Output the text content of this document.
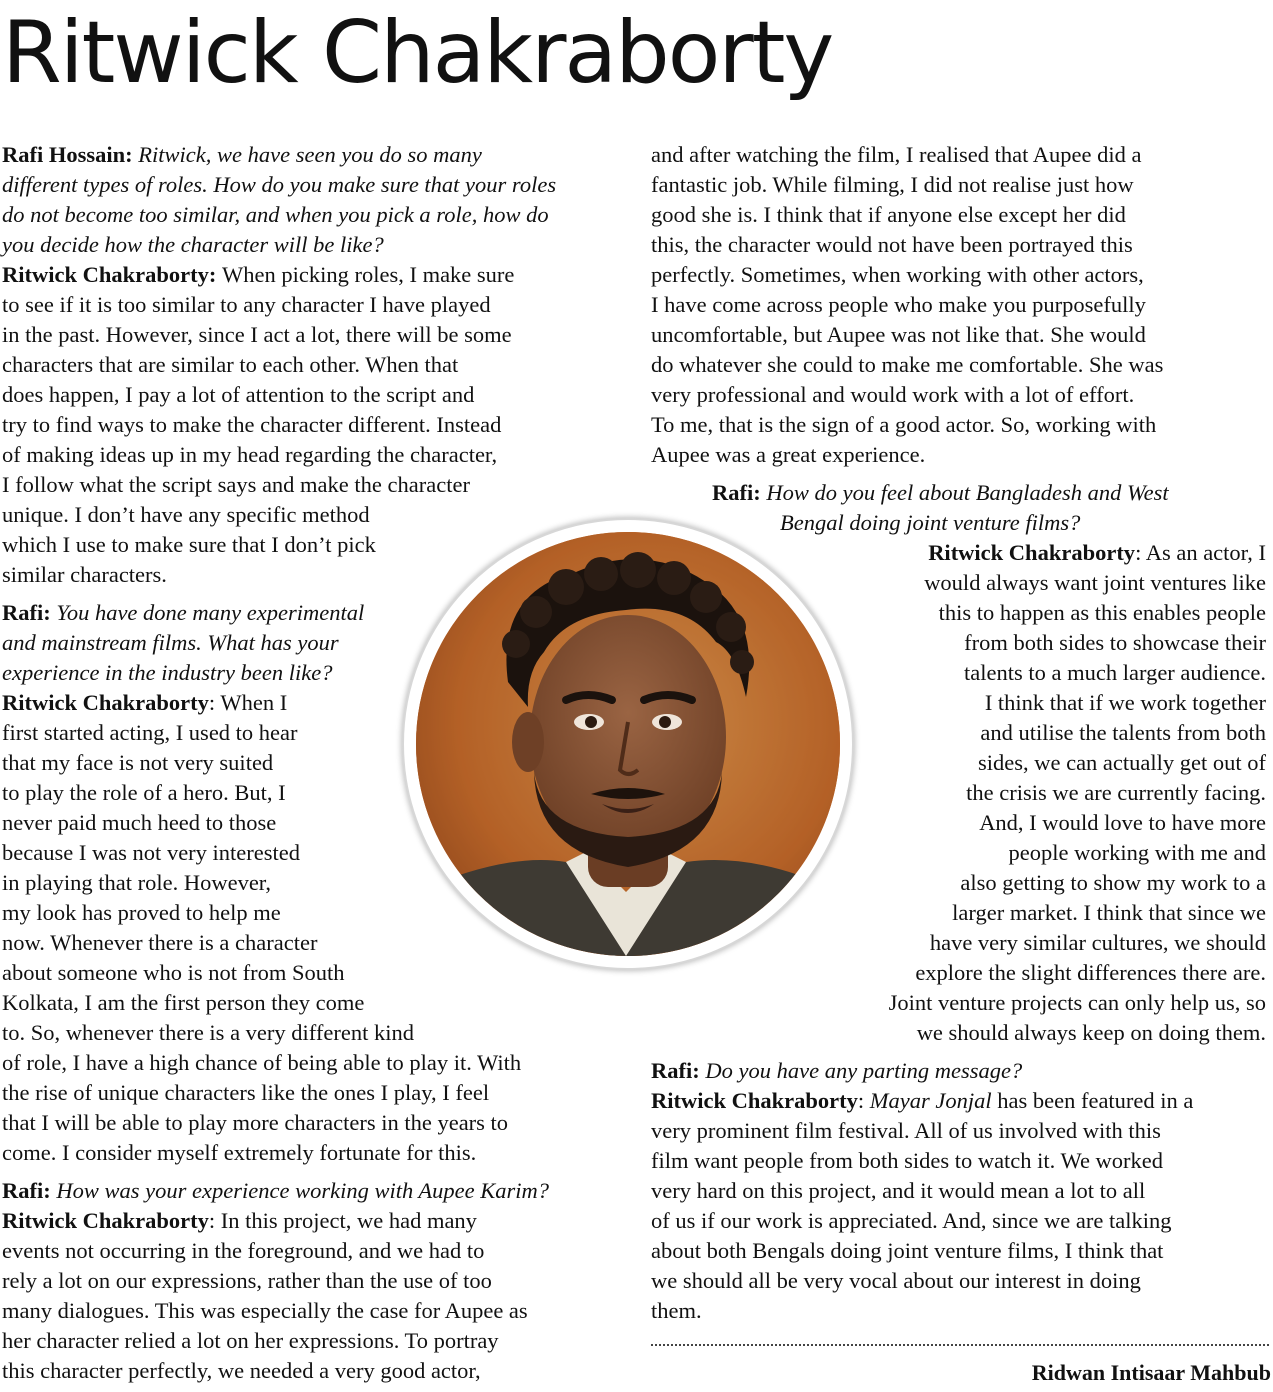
Ritwick Chakraborty
Rafi Hossain: Ritwick, we have seen you do so many
different types of roles. How do you make sure that your roles
do not become too similar, and when you pick a role, how do
you decide how the character will be like?
Ritwick Chakraborty: When picking roles, I make sure
to see if it is too similar to any character I have played
in the past. However, since I act a lot, there will be some
characters that are similar to each other. When that
does happen, I pay a lot of attention to the script and
try to find ways to make the character different. Instead
of making ideas up in my head regarding the character,
I follow what the script says and make the character
unique. I don’t have any specific method
which I use to make sure that I don’t pick
similar characters.
Rafi: You have done many experimental
and mainstream films. What has your
experience in the industry been like?
Ritwick Chakraborty: When I
first started acting, I used to hear
that my face is not very suited
to play the role of a hero. But, I
never paid much heed to those
because I was not very interested
in playing that role. However,
my look has proved to help me
now. Whenever there is a character
about someone who is not from South
Kolkata, I am the first person they come
to. So, whenever there is a very different kind
of role, I have a high chance of being able to play it. With
the rise of unique characters like the ones I play, I feel
that I will be able to play more characters in the years to
come. I consider myself extremely fortunate for this.
Rafi: How was your experience working with Aupee Karim?
Ritwick Chakraborty: In this project, we had many
events not occurring in the foreground, and we had to
rely a lot on our expressions, rather than the use of too
many dialogues. This was especially the case for Aupee as
her character relied a lot on her expressions. To portray
this character perfectly, we needed a very good actor,
and after watching the film, I realised that Aupee did a
fantastic job. While filming, I did not realise just how
good she is. I think that if anyone else except her did
this, the character would not have been portrayed this
perfectly. Sometimes, when working with other actors,
I have come across people who make you purposefully
uncomfortable, but Aupee was not like that. She would
do whatever she could to make me comfortable. She was
very professional and would work with a lot of effort.
To me, that is the sign of a good actor. So, working with
Aupee was a great experience.
Rafi: How do you feel about Bangladesh and West
Bengal doing joint venture films?
Ritwick Chakraborty: As an actor, I
would always want joint ventures like
this to happen as this enables people
from both sides to showcase their
talents to a much larger audience.
I think that if we work together
and utilise the talents from both
sides, we can actually get out of
the crisis we are currently facing.
And, I would love to have more
people working with me and
also getting to show my work to a
larger market. I think that since we
have very similar cultures, we should
explore the slight differences there are.
Joint venture projects can only help us, so
we should always keep on doing them.
Rafi: Do you have any parting message?
Ritwick Chakraborty: Mayar Jonjal has been featured in a
very prominent film festival. All of us involved with this
film want people from both sides to watch it. We worked
very hard on this project, and it would mean a lot to all
of us if our work is appreciated. And, since we are talking
about both Bengals doing joint venture films, I think that
we should all be very vocal about our interest in doing
them.
Ridwan Intisaar Mahbub
